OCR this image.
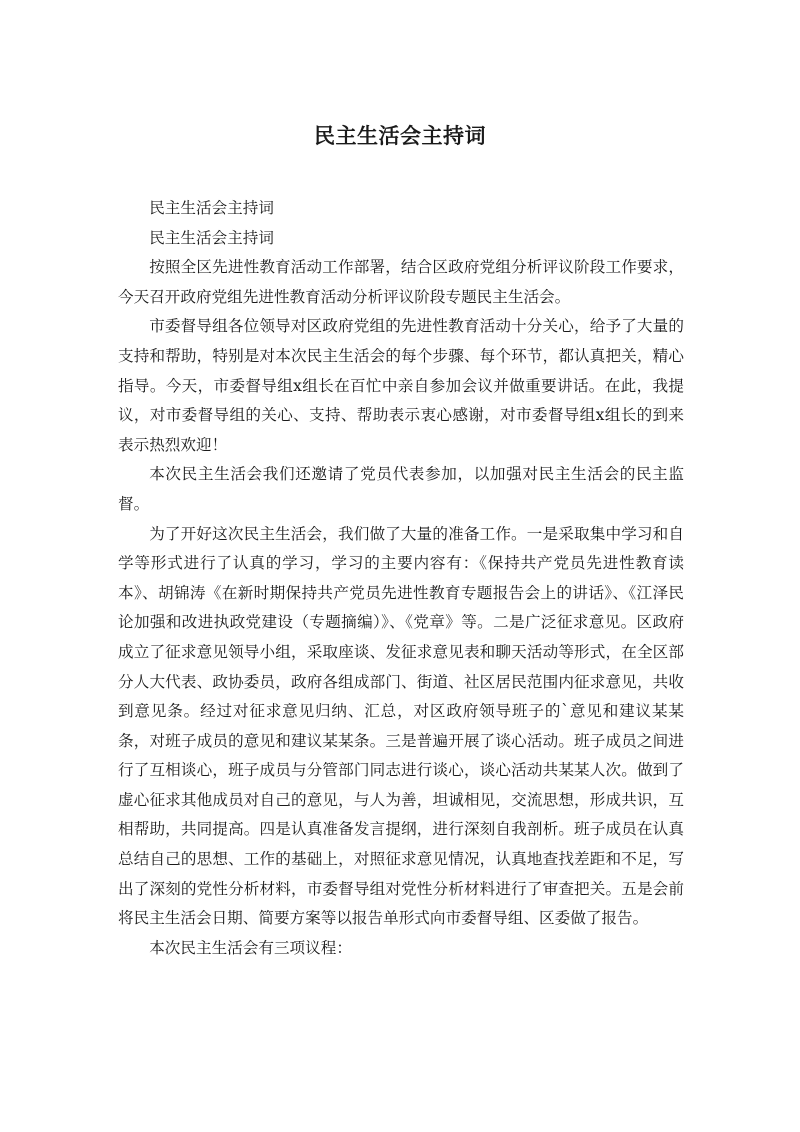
民主生活会主持词

民主生活会主持词

民主生活会主持词

按照全区先进性教育活动工作部署，结合区政府党组分析评议阶段工作要求，今天召开政府党组先进性教育活动分析评议阶段专题民主生活会。

市委督导组各位领导对区政府党组的先进性教育活动十分关心，给予了大量的支持和帮助，特别是对本次民主生活会的每个步骤、每个环节，都认真把关，精心指导。今天，市委督导组x组长在百忙中亲自参加会议并做重要讲话。在此，我提议，对市委督导组的关心、支持、帮助表示衷心感谢，对市委督导组x组长的到来表示热烈欢迎！

本次民主生活会我们还邀请了党员代表参加，以加强对民主生活会的民主监督。

为了开好这次民主生活会，我们做了大量的准备工作。一是采取集中学习和自学等形式进行了认真的学习，学习的主要内容有：《保持共产党员先进性教育读本》、胡锦涛《在新时期保持共产党员先进性教育专题报告会上的讲话》、《江泽民论加强和改进执政党建设（专题摘编）》、《党章》等。二是广泛征求意见。区政府成立了征求意见领导小组，采取座谈、发征求意见表和聊天活动等形式，在全区部分人大代表、政协委员，政府各组成部门、街道、社区居民范围内征求意见，共收到意见条。经过对征求意见归纳、汇总，对区政府领导班子的`意见和建议某某条，对班子成员的意见和建议某某条。三是普遍开展了谈心活动。班子成员之间进行了互相谈心，班子成员与分管部门同志进行谈心，谈心活动共某某人次。做到了虚心征求其他成员对自己的意见，与人为善，坦诚相见，交流思想，形成共识，互相帮助，共同提高。四是认真准备发言提纲，进行深刻自我剖析。班子成员在认真总结自己的思想、工作的基础上，对照征求意见情况，认真地查找差距和不足，写出了深刻的党性分析材料，市委督导组对党性分析材料进行了审查把关。五是会前将民主生活会日期、简要方案等以报告单形式向市委督导组、区委做了报告。

本次民主生活会有三项议程：
